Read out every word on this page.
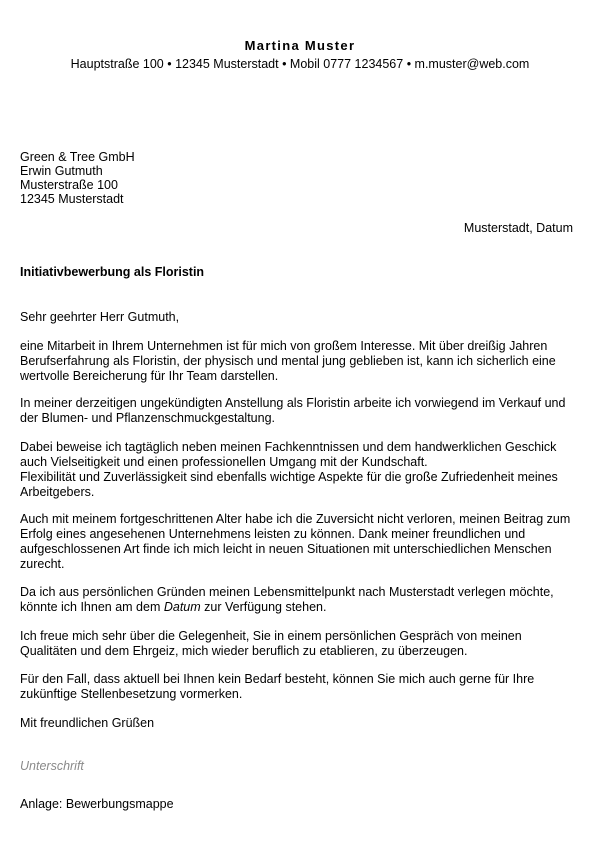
Martina Muster
Hauptstraße 100 • 12345 Musterstadt • Mobil 0777 1234567 • m.muster@web.com
Green & Tree GmbH
Erwin Gutmuth
Musterstraße 100
12345 Musterstadt
Musterstadt, Datum
Initiativbewerbung als Floristin

Sehr geehrter Herr Gutmuth,

eine Mitarbeit in Ihrem Unternehmen ist für mich von großem Interesse. Mit über dreißig Jahren Berufserfahrung als Floristin, der physisch und mental jung geblieben ist, kann ich sicherlich eine wertvolle Bereicherung für Ihr Team darstellen.

In meiner derzeitigen ungekündigten Anstellung als Floristin arbeite ich vorwiegend im Verkauf und der Blumen- und Pflanzenschmuckgestaltung.

Dabei beweise ich tagtäglich neben meinen Fachkenntnissen und dem handwerklichen Geschick auch Vielseitigkeit und einen professionellen Umgang mit der Kundschaft.

Flexibilität und Zuverlässigkeit sind ebenfalls wichtige Aspekte für die große Zufriedenheit meines Arbeitgebers.

Auch mit meinem fortgeschrittenen Alter habe ich die Zuversicht nicht verloren, meinen Beitrag zum Erfolg eines angesehenen Unternehmens leisten zu können. Dank meiner freundlichen und aufgeschlossenen Art finde ich mich leicht in neuen Situationen mit unterschiedlichen Menschen zurecht.

Da ich aus persönlichen Gründen meinen Lebensmittelpunkt nach Musterstadt verlegen möchte, könnte ich Ihnen am dem Datum zur Verfügung stehen.

Ich freue mich sehr über die Gelegenheit, Sie in einem persönlichen Gespräch von meinen Qualitäten und dem Ehrgeiz, mich wieder beruflich zu etablieren, zu überzeugen.

Für den Fall, dass aktuell bei Ihnen kein Bedarf besteht, können Sie mich auch gerne für Ihre zukünftige Stellenbesetzung vormerken.

Mit freundlichen Grüßen

Unterschrift
Anlage: Bewerbungsmappe
